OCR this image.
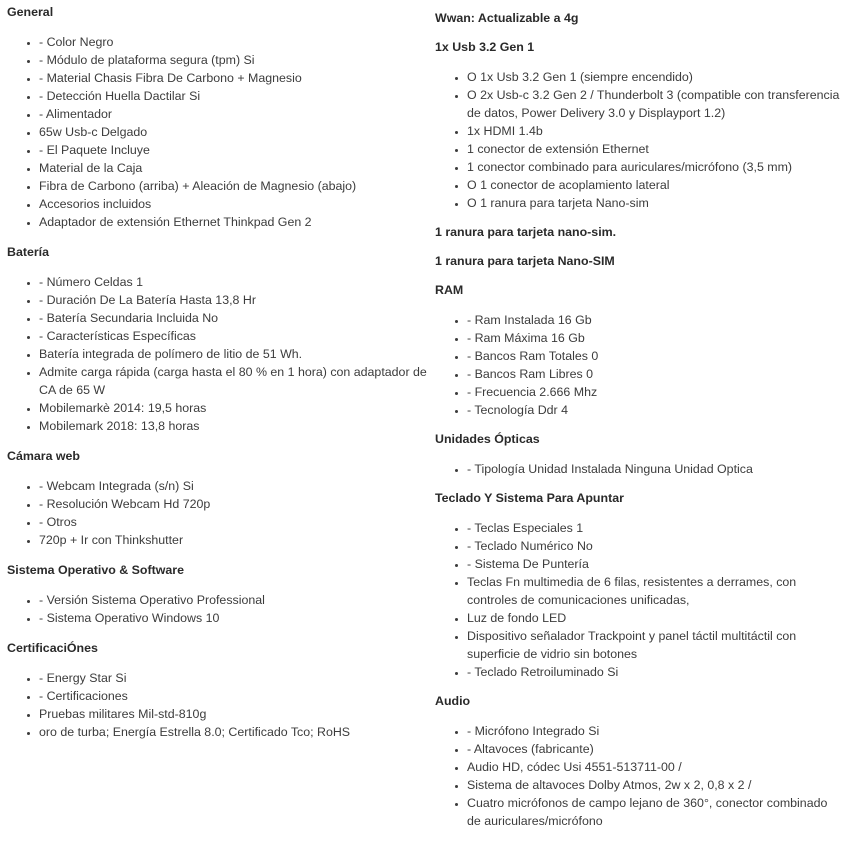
General
• - Color Negro
• - Módulo de plataforma segura (tpm) Si
• - Material Chasis Fibra De Carbono + Magnesio
• - Detección Huella Dactilar Si
• - Alimentador
• 65w Usb-c Delgado
• - El Paquete Incluye
• Material de la Caja
• Fibra de Carbono (arriba) + Aleación de Magnesio (abajo)
• Accesorios incluidos
• Adaptador de extensión Ethernet Thinkpad Gen 2
Batería
• - Número Celdas 1
• - Duración De La Batería Hasta 13,8 Hr
• - Batería Secundaria Incluida No
• - Características Específicas
• Batería integrada de polímero de litio de 51 Wh.
• Admite carga rápida (carga hasta el 80 % en 1 hora) con adaptador de CA de 65 W
• Mobilemarkè 2014: 19,5 horas
• Mobilemark 2018: 13,8 horas
Cámara web
• - Webcam Integrada (s/n) Si
• - Resolución Webcam Hd 720p
• - Otros
• 720p + Ir con Thinkshutter
Sistema Operativo & Software
• - Versión Sistema Operativo Professional
• - Sistema Operativo Windows 10
CertificaciÓnes
• - Energy Star Si
• - Certificaciones
• Pruebas militares Mil-std-810g
• oro de turba; Energía Estrella 8.0; Certificado Tco; RoHS
Wwan: Actualizable a 4g
1x Usb 3.2 Gen 1
• O 1x Usb 3.2 Gen 1 (siempre encendido)
• O 2x Usb-c 3.2 Gen 2 / Thunderbolt 3 (compatible con transferencia de datos, Power Delivery 3.0 y Displayport 1.2)
• 1x HDMI 1.4b
• 1 conector de extensión Ethernet
• 1 conector combinado para auriculares/micrófono (3,5 mm)
• O 1 conector de acoplamiento lateral
• O 1 ranura para tarjeta Nano-sim
1 ranura para tarjeta nano-sim.
1 ranura para tarjeta Nano-SIM
RAM
• - Ram Instalada 16 Gb
• - Ram Máxima 16 Gb
• - Bancos Ram Totales 0
• - Bancos Ram Libres 0
• - Frecuencia 2.666 Mhz
• - Tecnología Ddr 4
Unidades Ópticas
• - Tipología Unidad Instalada Ninguna Unidad Optica
Teclado Y Sistema Para Apuntar
• - Teclas Especiales 1
• - Teclado Numérico No
• - Sistema De Puntería
• Teclas Fn multimedia de 6 filas, resistentes a derrames, con controles de comunicaciones unificadas,
• Luz de fondo LED
• Dispositivo señalador Trackpoint y panel táctil multitáctil con superficie de vidrio sin botones
• - Teclado Retroiluminado Si
Audio
• - Micrófono Integrado Si
• - Altavoces (fabricante)
• Audio HD, códec Usi 4551-513711-00 /
• Sistema de altavoces Dolby Atmos, 2w x 2, 0,8 x 2 /
• Cuatro micrófonos de campo lejano de 360°, conector combinado de auriculares/micrófono
